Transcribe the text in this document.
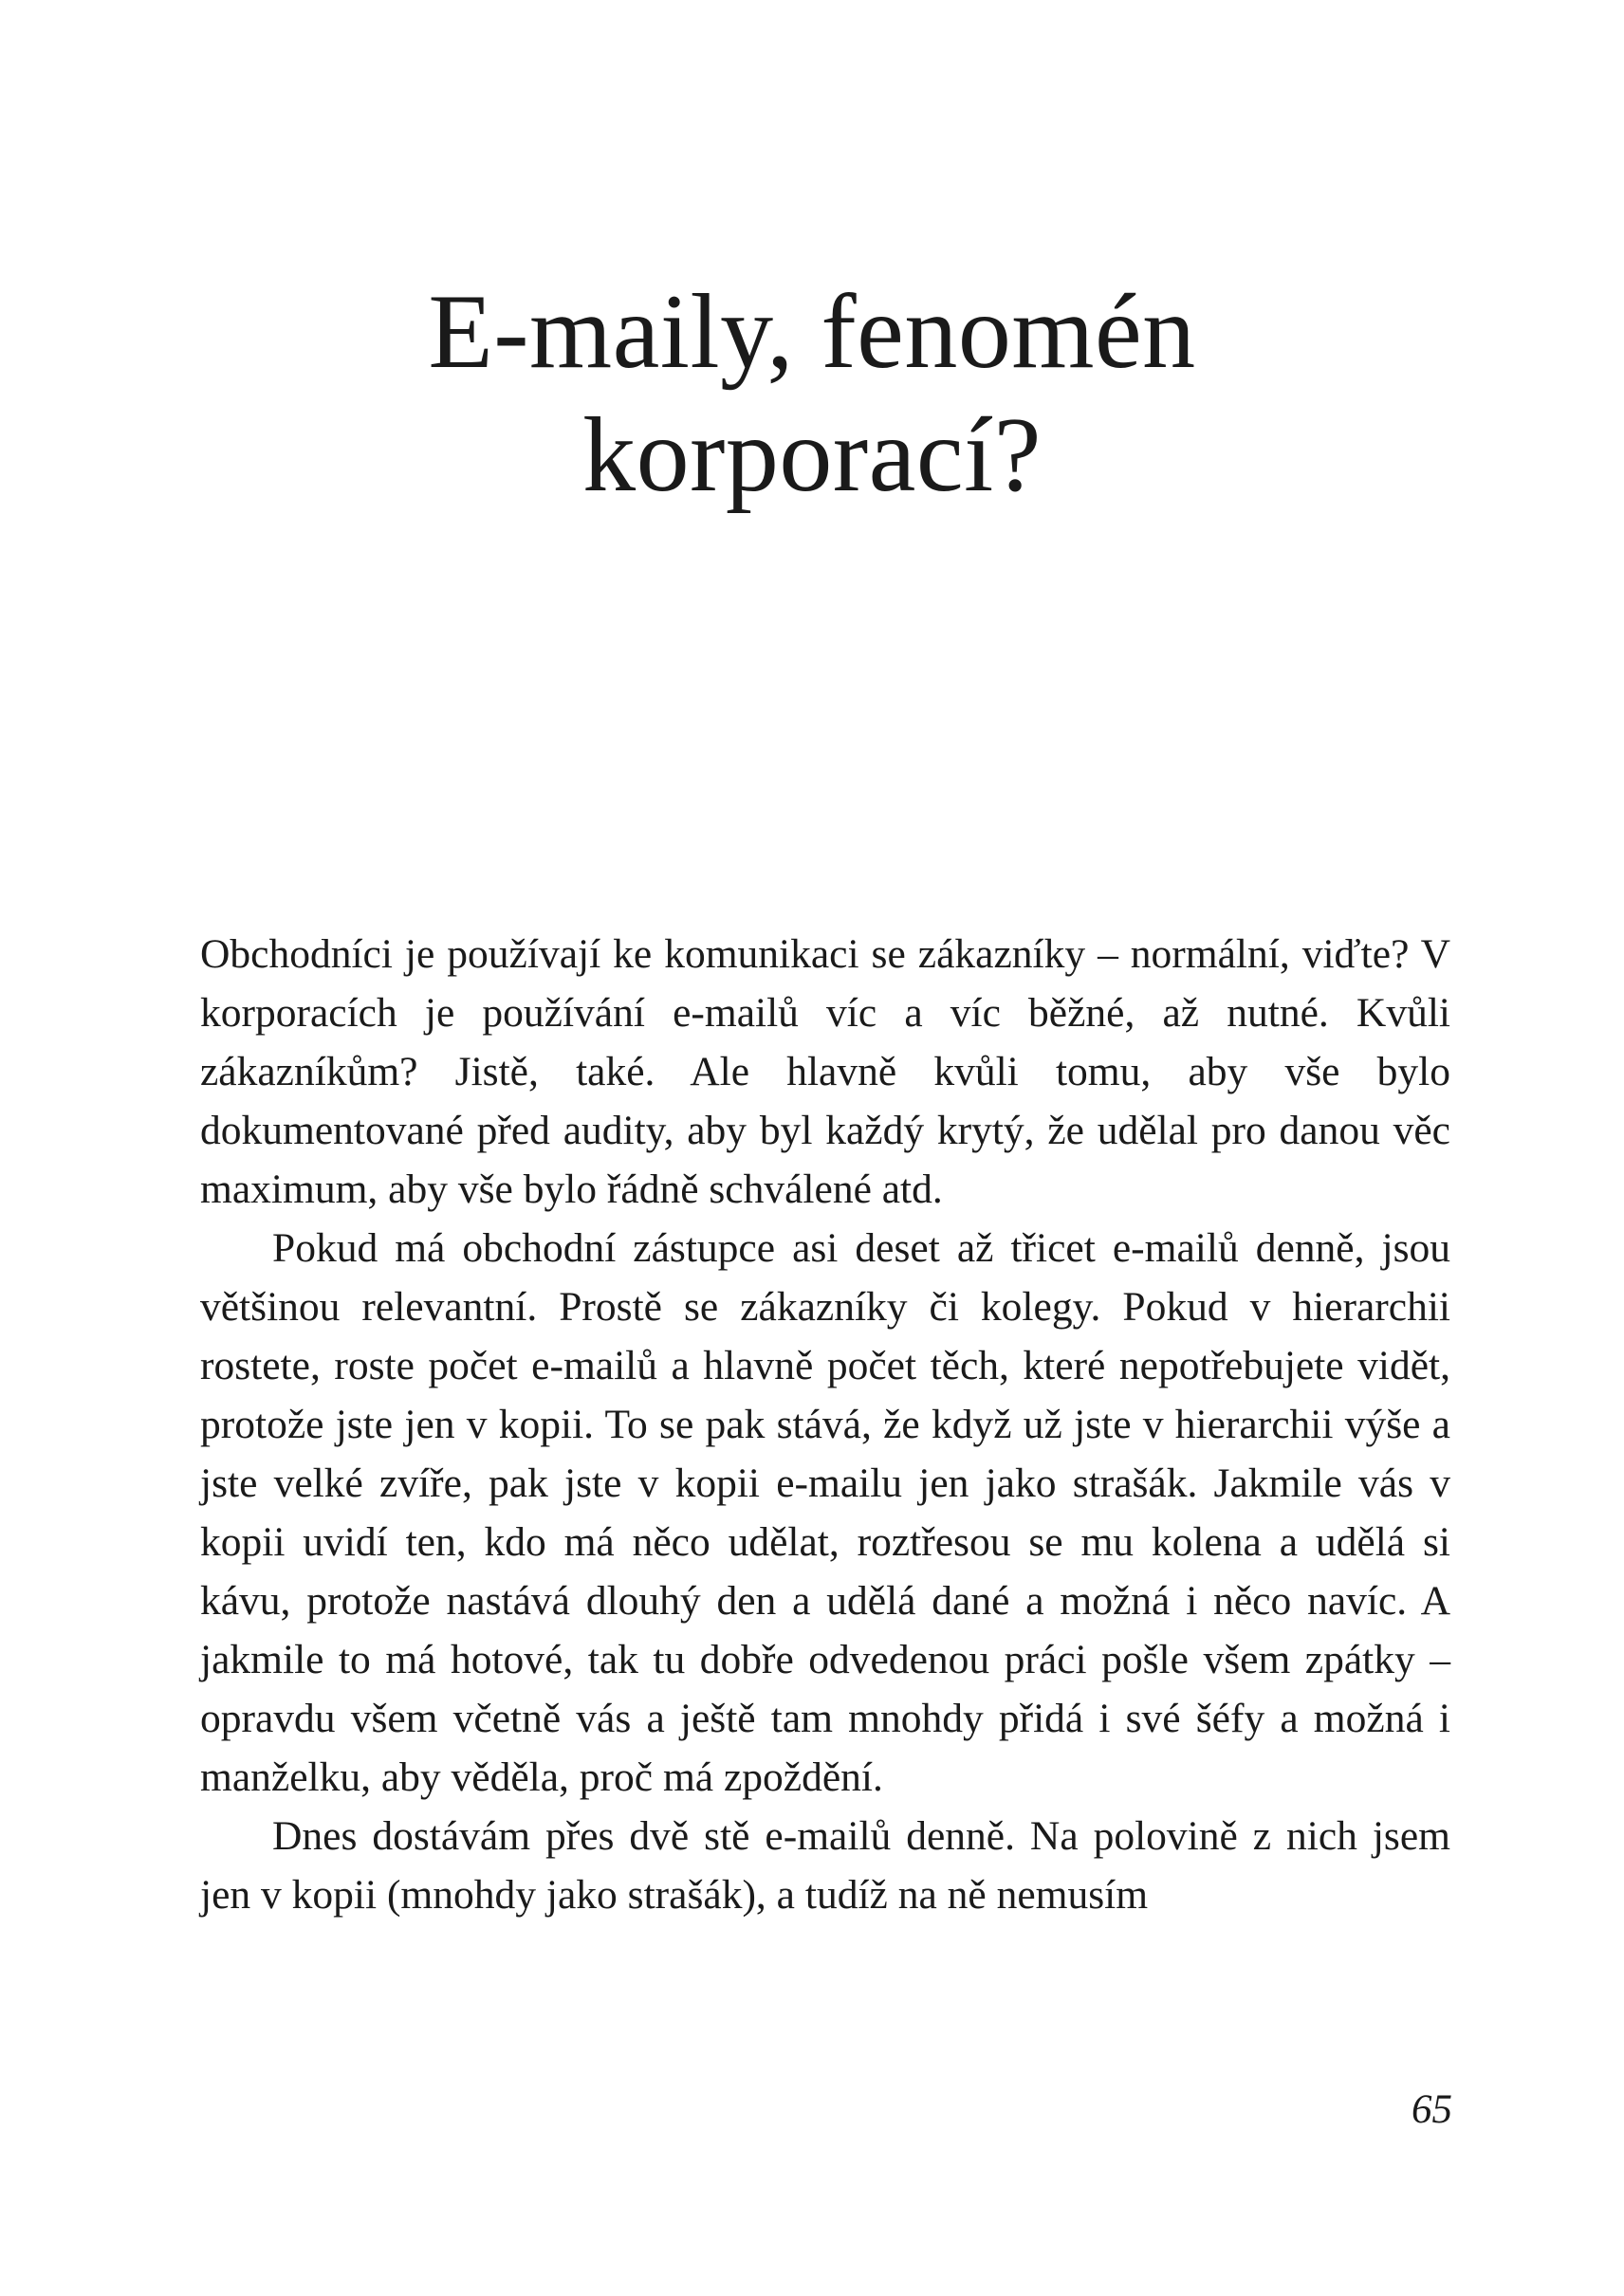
E-maily, fenomén
korporací?

Obchodníci je používají ke komunikaci se zákazníky – normální, viďte? V korporacích je používání e-mailů víc a víc běžné, až nutné. Kvůli zákazníkům? Jistě, také. Ale hlavně kvůli tomu, aby vše bylo dokumentované před audity, aby byl každý krytý, že udělal pro danou věc maximum, aby vše bylo řádně schválené atd.

Pokud má obchodní zástupce asi deset až třicet e-mailů denně, jsou většinou relevantní. Prostě se zákazníky či kolegy. Pokud v hierarchii rostete, roste počet e-mailů a hlavně počet těch, které nepotřebujete vidět, protože jste jen v kopii. To se pak stává, že když už jste v hierarchii výše a jste velké zvíře, pak jste v kopii e-mailu jen jako strašák. Jakmile vás v kopii uvidí ten, kdo má něco udělat, roztřesou se mu kolena a udělá si kávu, protože nastává dlouhý den a udělá dané a možná i něco navíc. A jakmile to má hotové, tak tu dobře odvedenou práci pošle všem zpátky – opravdu všem včetně vás a ještě tam mnohdy přidá i své šéfy a možná i manželku, aby věděla, proč má zpoždění.

Dnes dostávám přes dvě stě e-mailů denně. Na polovině z nich jsem jen v kopii (mnohdy jako strašák), a tudíž na ně nemusím

65
